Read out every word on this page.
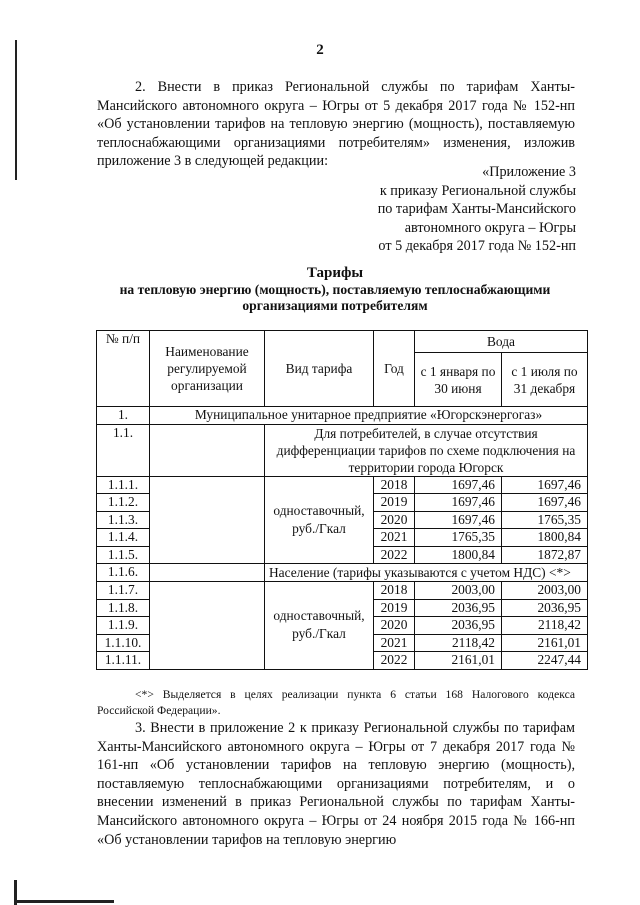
2

2. Внести в приказ Региональной службы по тарифам Ханты-Мансийского автономного округа – Югры от 5 декабря 2017 года № 152-нп «Об установлении тарифов на тепловую энергию (мощность), поставляемую теплоснабжающими организациями потребителям» изменения, изложив приложение 3 в следующей редакции:

«Приложение 3
к приказу Региональной службы
по тарифам Ханты-Мансийского
автономного округа – Югры
от 5 декабря 2017 года № 152-нп
Тарифы
на тепловую энергию (мощность), поставляемую теплоснабжающими
организациями потребителям
№ п/п	Наименование регулируемой организации	Вид тарифа	Год	Вода	
				с 1 января по 30 июня	с 1 июля по 31 декабря
1.	Муниципальное унитарное предприятие «Югорскэнергогаз»				
1.1.		Для потребителей, в случае отсутствия дифференциации тарифов по схеме подключения на территории города Югорск			
1.1.1.		одноставочный, руб./Гкал	2018	1697,46	1697,46
1.1.2.			2019	1697,46	1697,46
1.1.3.			2020	1697,46	1765,35
1.1.4.			2021	1765,35	1800,84
1.1.5.			2022	1800,84	1872,87
1.1.6.		Население (тарифы указываются с учетом НДС) <*>			
1.1.7.		одноставочный, руб./Гкал	2018	2003,00	2003,00
1.1.8.			2019	2036,95	2036,95
1.1.9.			2020	2036,95	2118,42
1.1.10.			2021	2118,42	2161,01
1.1.11.			2022	2161,01	2247,44

<*> Выделяется в целях реализации пункта 6 статьи 168 Налогового кодекса Российской Федерации».

3. Внести в приложение 2 к приказу Региональной службы по тарифам Ханты-Мансийского автономного округа – Югры от 7 декабря 2017 года № 161-нп «Об установлении тарифов на тепловую энергию (мощность), поставляемую теплоснабжающими организациями потребителям, и о внесении изменений в приказ Региональной службы по тарифам Ханты-Мансийского автономного округа – Югры от 24 ноября 2015 года № 166-нп «Об установлении тарифов на тепловую энергию
